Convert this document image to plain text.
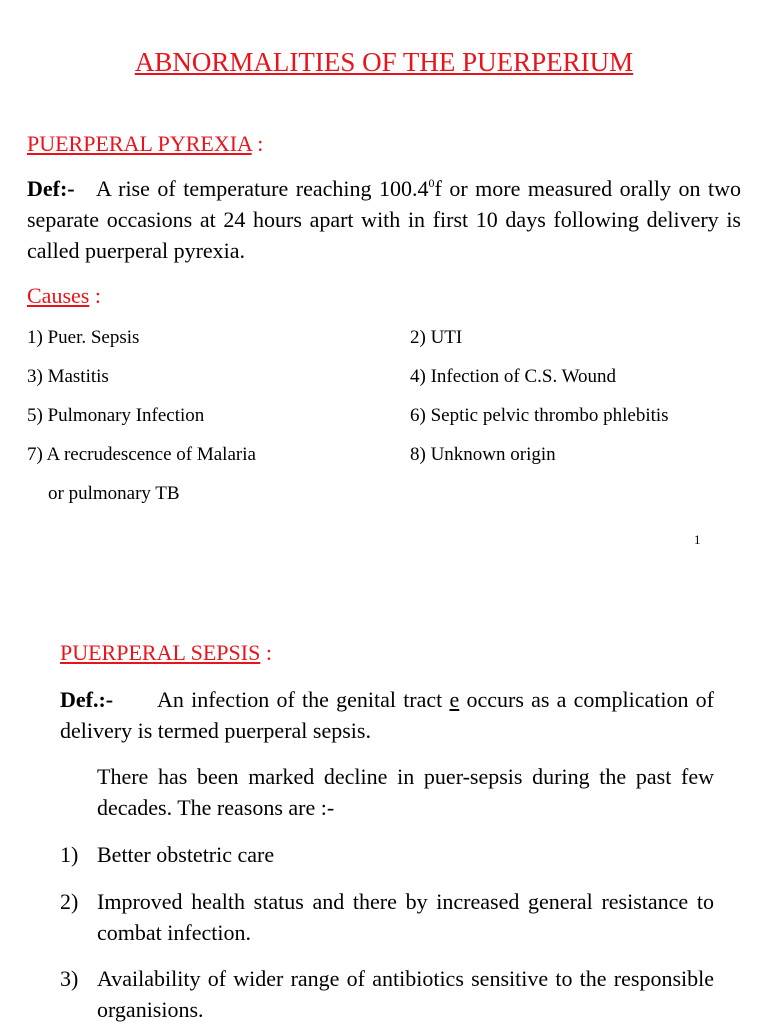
ABNORMALITIES OF THE PUERPERIUM
PUERPERAL PYREXIA :
Def:- A rise of temperature reaching 100.4$^0$f or more measured orally on two separate occasions at 24 hours apart with in first 10 days following delivery is called puerperal pyrexia.
Causes :
1) Puer. Sepsis	2) UTI
3) Mastitis	4) Infection of C.S. Wound
5) Pulmonary Infection	6) Septic pelvic thrombo phlebitis
7) A recrudescence of Malaria	8) Unknown origin
or pulmonary TB
1
PUERPERAL SEPSIS :
Def.:- An infection of the genital tract e occurs as a complication of delivery is termed puerperal sepsis.
There has been marked decline in puer-sepsis during the past few decades. The reasons are :-
1) Better obstetric care
2) Improved health status and there by increased general resistance to combat infection.
3) Availability of wider range of antibiotics sensitive to the responsible organisions.
